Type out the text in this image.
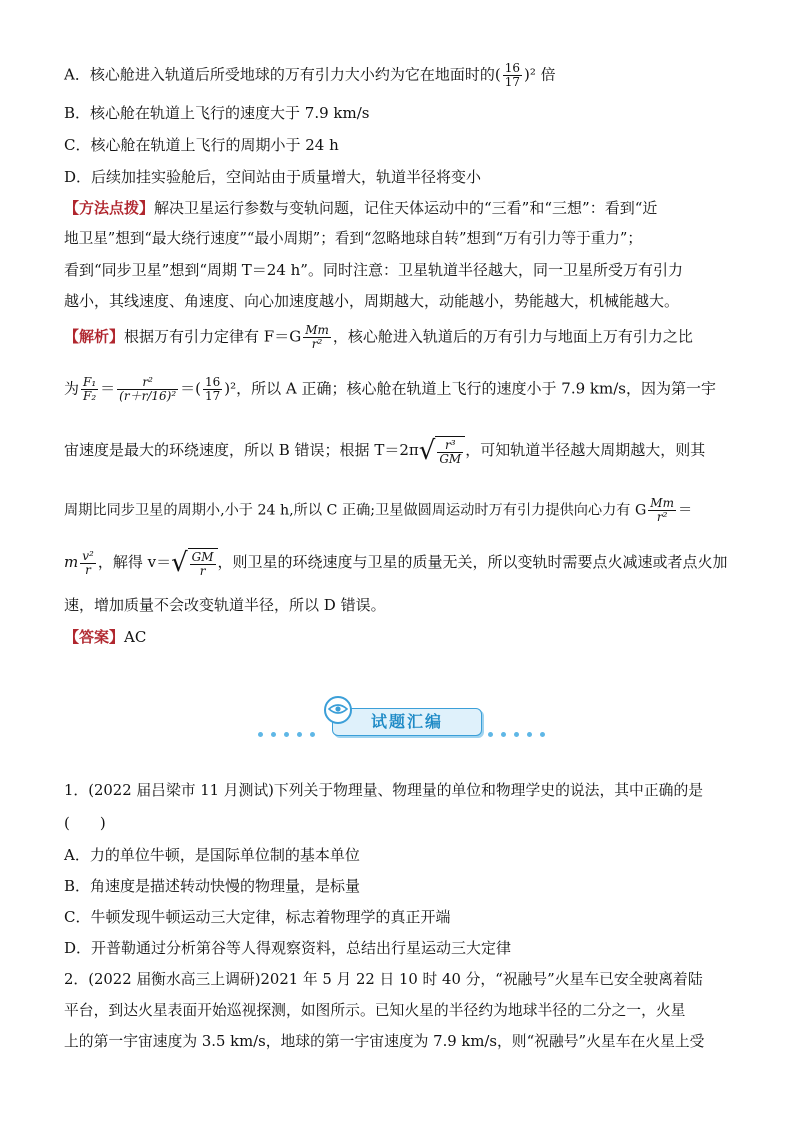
A．核心舱进入轨道后所受地球的万有引力大小约为它在地面时的( $\frac{16}{17} )^2$ 倍
B．核心舱在轨道上飞行的速度大于 7.9 km/s
C．核心舱在轨道上飞行的周期小于 24 h
D．后续加挂实验舱后，空间站由于质量增大，轨道半径将变小
【方法点拨】解决卫星运行参数与变轨问题，记住天体运动中的“三看”和“三想”：看到“近
地卫星”想到“最大绕行速度”“最小周期”；看到“忽略地球自转”想到“万有引力等于重力”；
看到“同步卫星”想到“周期 T＝24 h”。同时注意：卫星轨道半径越大，同一卫星所受万有引力
越小，其线速度、角速度、向心加速度越小，周期越大，动能越小，势能越大，机械能越大。
【解析】根据万有引力定律有 $F=G \frac{Mm}{\text{r²}}$ ，核心舱进入轨道后的万有引力与地面上万有引力之比
为 $\frac{\text{F₁}}{\text{F₂}} = \frac{\text{r²}}{\text{(r＋r/16)²}}$ ＝( $\frac{16}{17} )^2$，所以 A 正确；核心舱在轨道上飞行的速度小于 7.9 km/s，因为第一宇
宙速度是最大的环绕速度，所以 B 错误；根据 $T=2\pi√ \frac{\text{r³}}{GM}$ ，可知轨道半径越大周期越大，则其
周期比同步卫星的周期小,小于 24 h,所以 C 正确;卫星做圆周运动时万有引力提供向心力有 G $\frac{Mm}{\text{r²}}$ ＝
m $\frac{\text{v²}}{r}$ ，解得 $v=√ \frac{GM}{r}$ ，则卫星的环绕速度与卫星的质量无关，所以变轨时需要点火减速或者点火加
速，增加质量不会改变轨道半径，所以 D 错误。
【答案】AC
试题汇编
1．(2022 届吕梁市 11 月测试)下列关于物理量、物理量的单位和物理学史的说法，其中正确的是
(　　)
A．力的单位牛顿，是国际单位制的基本单位
B．角速度是描述转动快慢的物理量，是标量
C．牛顿发现牛顿运动三大定律，标志着物理学的真正开端
D．开普勒通过分析第谷等人得观察资料，总结出行星运动三大定律
2．(2022 届衡水高三上调研)2021 年 5 月 22 日 10 时 40 分，“祝融号”火星车已安全驶离着陆
平台，到达火星表面开始巡视探测，如图所示。已知火星的半径约为地球半径的二分之一，火星
上的第一宇宙速度为 3.5 km/s，地球的第一宇宙速度为 7.9 km/s，则“祝融号”火星车在火星上受
